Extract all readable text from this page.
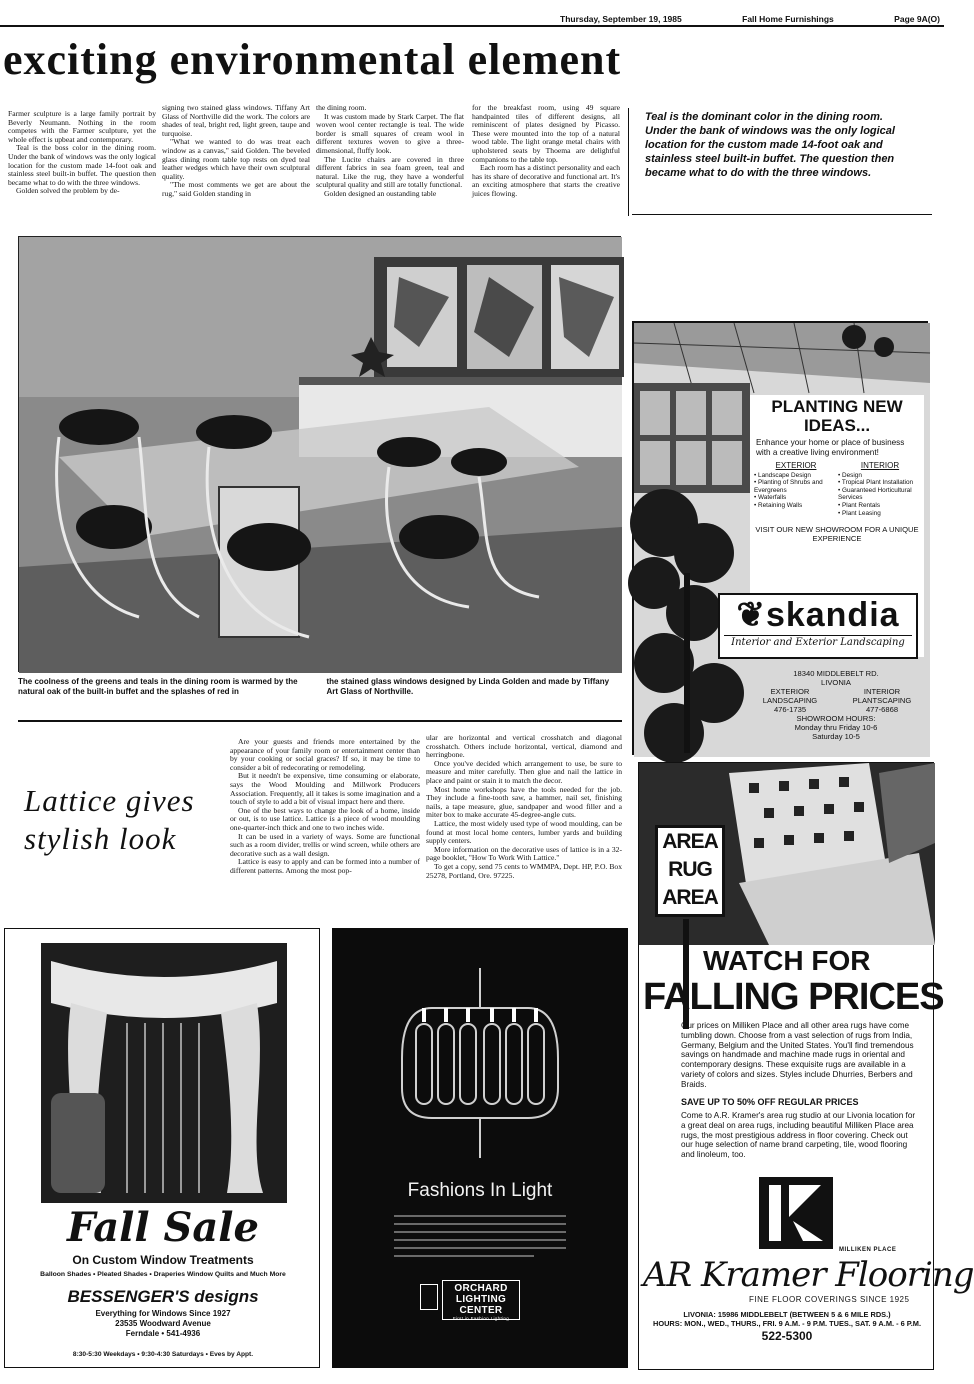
Thursday, September 19, 1985	Fall Home Furnishings	Page 9A(O)
exciting environmental element

Farmer sculpture is a large family portrait by Beverly Neumann. Nothing in the room competes with the Farmer sculpture, yet the whole effect is upbeat and contemporary.

Teal is the boss color in the dining room. Under the bank of windows was the only logical location for the custom made 14-foot oak and stainless steel built-in buffet. The question then became what to do with the three windows.

Golden solved the problem by de-

signing two stained glass windows. Tiffany Art Glass of Northville did the work. The colors are shades of teal, bright red, light green, taupe and turquoise.

"What we wanted to do was treat each window as a canvas," said Golden. The beveled glass dining room table top rests on dyed teal leather wedges which have their own sculptural quality.

"The most comments we get are about the rug," said Golden standing in

the dining room.

It was custom made by Stark Carpet. The flat woven wool center rectangle is teal. The wide border is small squares of cream wool in different textures woven to give a three-dimensional, fluffy look.

The Lucite chairs are covered in three different fabrics in sea foam green, teal and natural. Like the rug, they have a wonderful sculptural quality and still are totally functional.

Golden designed an oustanding table

for the breakfast room, using 49 square handpainted tiles of different designs, all reminiscent of plates designed by Picasso. These were mounted into the top of a natural wood table. The light orange metal chairs with upholstered seats by Thoema are delightful companions to the table top.

Each room has a distinct personality and each has its share of decorative and functional art. It's an exciting atmosphere that starts the creative juices flowing.

Teal is the dominant color in the dining room. Under the bank of windows was the only logical location for the custom made 14-foot oak and stainless steel built-in buffet. The question then became what to do with the three windows.
The coolness of the greens and teals in the dining room is warmed by the natural oak of the built-in buffet and the splashes of red in
the stained glass windows designed by Linda Golden and made by Tiffany Art Glass of Northville.
Lattice gives stylish look

Are your guests and friends more entertained by the appearance of your family room or entertainment center than by your cooking or social graces? If so, it may be time to consider a bit of redecorating or remodeling.

But it needn't be expensive, time consuming or elaborate, says the Wood Moulding and Millwork Producers Association. Frequently, all it takes is some imagination and a touch of style to add a bit of visual impact here and there.

One of the best ways to change the look of a home, inside or out, is to use lattice. Lattice is a piece of wood moulding one-quarter-inch thick and one to two inches wide.

It can be used in a variety of ways. Some are functional such as a room divider, trellis or wind screen, while others are decorative such as a wall design.

Lattice is easy to apply and can be formed into a number of different patterns. Among the most pop-

ular are horizontal and vertical crosshatch and diagonal crosshatch. Others include horizontal, vertical, diamond and herringbone.

Once you've decided which arrangement to use, be sure to measure and miter carefully. Then glue and nail the lattice in place and paint or stain it to match the decor.

Most home workshops have the tools needed for the job. They include a fine-tooth saw, a hammer, nail set, finishing nails, a tape measure, glue, sandpaper and wood filler and a miter box to make accurate 45-degree-angle cuts.

Lattice, the most widely used type of wood moulding, can be found at most local home centers, lumber yards and building supply centers.

More information on the decorative uses of lattice is in a 32-page booklet, "How To Work With Lattice."

To get a copy, send 75 cents to WMMPA, Dept. HP, P.O. Box 25278, Portland, Ore. 97225.

PLANTING NEW IDEAS...
Enhance your home or place of business with a creative living environment!
EXTERIOR
• Landscape Design
• Planting of Shrubs and Evergreens
• Waterfalls
• Retaining Walls
INTERIOR
• Design
• Tropical Plant Installation
• Guaranteed Horticultural Services
• Plant Rentals
• Plant Leasing
VISIT OUR NEW SHOWROOM FOR A UNIQUE EXPERIENCE
❦skandia
Interior and Exterior Landscaping
18340 MIDDLEBELT RD.
LIVONIA
EXTERIOR LANDSCAPING
476-1735
INTERIOR PLANTSCAPING
477-6868
SHOWROOM HOURS:
Monday thru Friday 10-6
Saturday 10-5
AREA RUG AREA
WATCH FOR
FALLING PRICES
Our prices on Milliken Place and all other area rugs have come tumbling down. Choose from a vast selection of rugs from India, Germany, Belgium and the United States. You'll find tremendous savings on handmade and machine made rugs in oriental and contemporary designs. These exquisite rugs are available in a variety of colors and sizes. Styles include Dhurries, Berbers and Braids.
SAVE UP TO 50% OFF REGULAR PRICES
Come to A.R. Kramer's area rug studio at our Livonia location for a great deal on area rugs, including beautiful Milliken Place area rugs, the most prestigious address in floor covering. Check out our huge selection of name brand carpeting, tile, wood flooring and linoleum, too.
MILLIKEN PLACE
AR Kramer Flooring
FINE FLOOR COVERINGS SINCE 1925
LIVONIA: 15986 MIDDLEBELT (BETWEEN 5 & 6 MILE RDS.)
HOURS: MON., WED., THURS., FRI. 9 A.M. - 9 P.M. TUES., SAT. 9 A.M. - 6 P.M.
522-5300
Fall Sale
On Custom Window Treatments
Balloon Shades • Pleated Shades • Draperies Window Quilts and Much More
BESSENGER'S designs
Everything for Windows Since 1927
23535 Woodward Avenue
Ferndale • 541-4936
8:30-5:30 Weekdays • 9:30-4:30 Saturdays • Eves by Appt.
Fashions In Light
ORCHARD
LIGHTING
CENTER
First in Fashion Lighting
